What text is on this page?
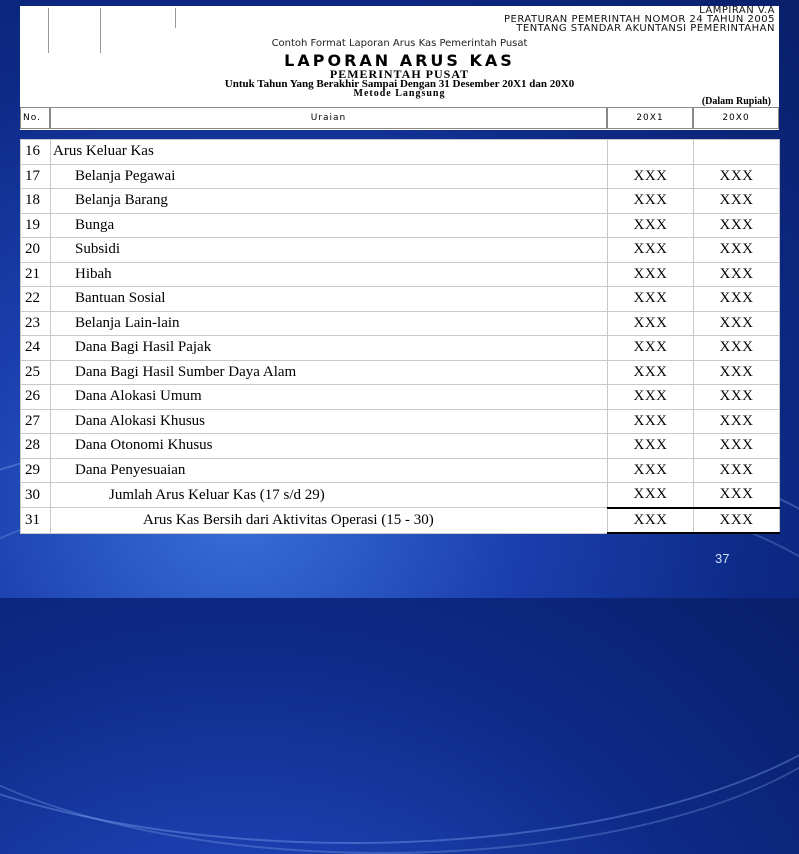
LAMPIRAN V.A
PERATURAN PEMERINTAH NOMOR 24 TAHUN 2005
TENTANG STANDAR AKUNTANSI PEMERINTAHAN
Contoh Format Laporan Arus Kas Pemerintah Pusat
LAPORAN ARUS KAS
PEMERINTAH PUSAT
Untuk Tahun Yang Berakhir Sampai Dengan 31 Desember 20X1 dan 20X0
Metode Langsung
(Dalam Rupiah)
No.	Uraian	20X1	20X0
16	Arus Keluar Kas		
17	Belanja Pegawai	XXX	XXX
18	Belanja Barang	XXX	XXX
19	Bunga	XXX	XXX
20	Subsidi	XXX	XXX
21	Hibah	XXX	XXX
22	Bantuan Sosial	XXX	XXX
23	Belanja Lain-lain	XXX	XXX
24	Dana Bagi Hasil Pajak	XXX	XXX
25	Dana Bagi Hasil Sumber Daya Alam	XXX	XXX
26	Dana Alokasi Umum	XXX	XXX
27	Dana Alokasi Khusus	XXX	XXX
28	Dana Otonomi Khusus	XXX	XXX
29	Dana Penyesuaian	XXX	XXX
30	Jumlah Arus Keluar Kas (17 s/d 29)	XXX	XXX
31	Arus Kas Bersih dari Aktivitas Operasi (15 - 30)	XXX	XXX
37
